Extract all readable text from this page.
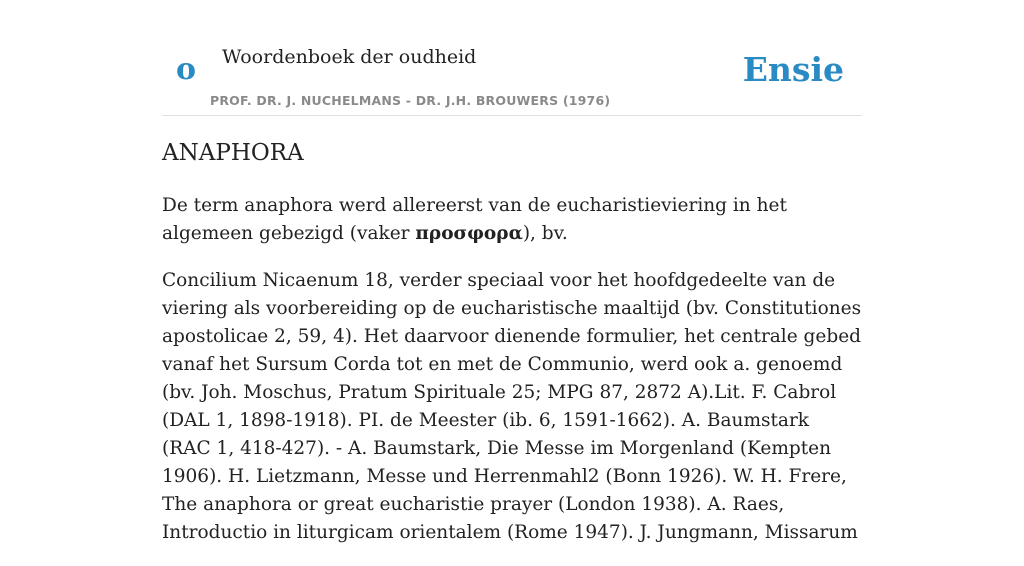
o Woordenboek der oudheid
PROF. DR. J. NUCHELMANS - DR. J.H. BROUWERS (1976)
Ensie
ANAPHORA

De term anaphora werd allereerst van de eucharistieviering in het algemeen gebezigd (vaker προσφορα), bv.

Concilium Nicaenum 18, verder speciaal voor het hoofdgedeelte van de viering als voorbereiding op de eucharistische maaltijd (bv. Constitutiones apostolicae 2, 59, 4). Het daarvoor dienende formulier, het centrale gebed vanaf het Sursum Corda tot en met de Communio, werd ook a. genoemd (bv. Joh. Moschus, Pratum Spirituale 25; MPG 87, 2872 A).Lit. F. Cabrol (DAL 1, 1898-1918). PI. de Meester (ib. 6, 1591-1662). A. Baumstark (RAC 1, 418-427). - A. Baumstark, Die Messe im Morgenland (Kempten 1906). H. Lietzmann, Messe und Herrenmahl2 (Bonn 1926). W. H. Frere, The anaphora or great eucharistie prayer (London 1938). A. Raes, Introductio in liturgicam orientalem (Rome 1947). J. Jungmann, Missarum
